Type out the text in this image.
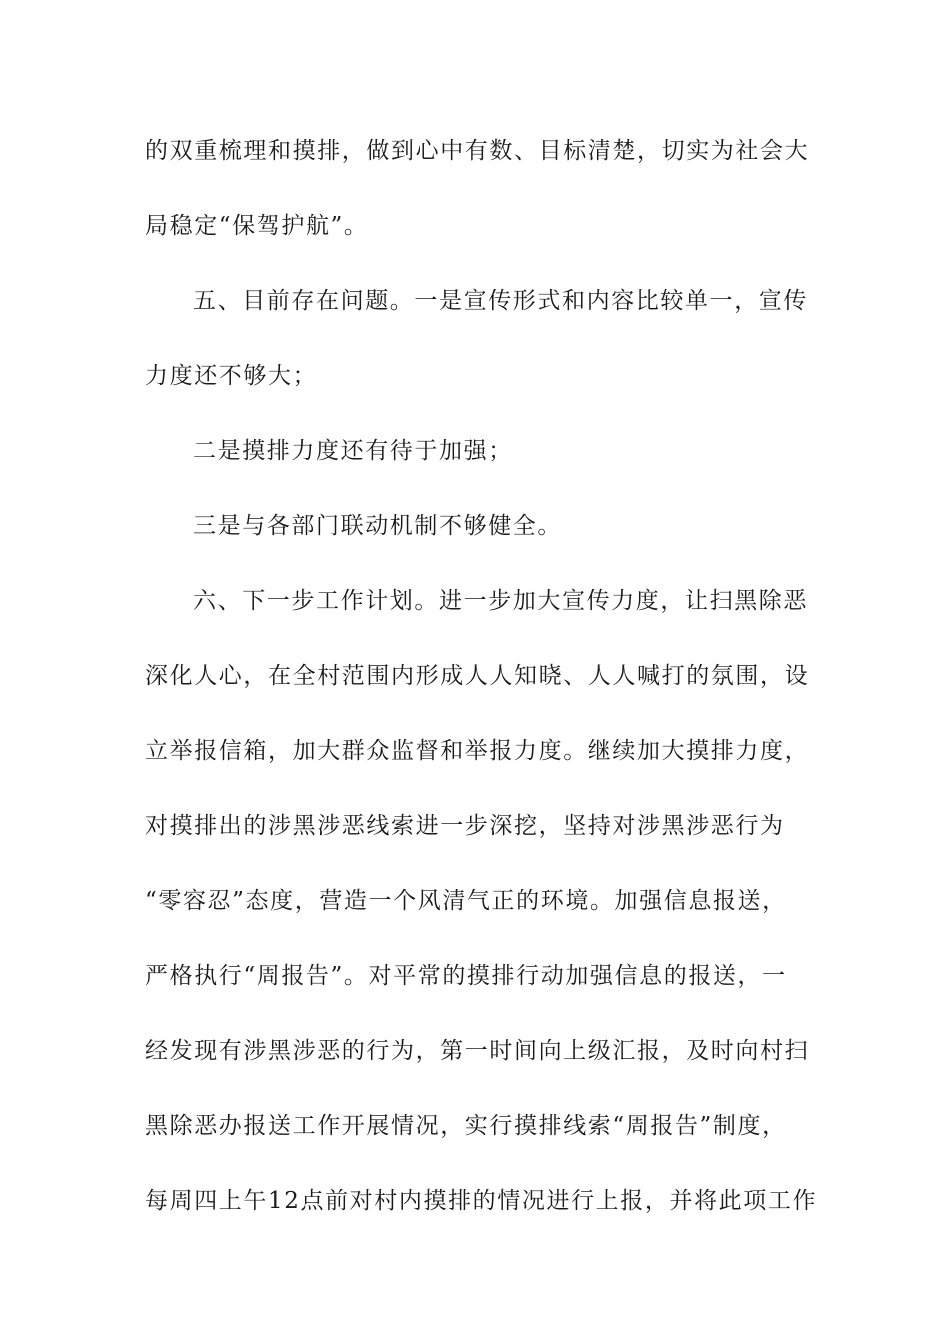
的双重梳理和摸排，做到心中有数、目标清楚，切实为社会大
局稳定“保驾护航”。
五、目前存在问题。一是宣传形式和内容比较单一，宣传
力度还不够大；
二是摸排力度还有待于加强；
三是与各部门联动机制不够健全。
六、下一步工作计划。进一步加大宣传力度，让扫黑除恶
深化人心，在全村范围内形成人人知晓、人人喊打的氛围，设
立举报信箱，加大群众监督和举报力度。继续加大摸排力度，
对摸排出的涉黑涉恶线索进一步深挖，坚持对涉黑涉恶行为
“零容忍”态度，营造一个风清气正的环境。加强信息报送，
严格执行“周报告”。对平常的摸排行动加强信息的报送，一
经发现有涉黑涉恶的行为，第一时间向上级汇报，及时向村扫
黑除恶办报送工作开展情况，实行摸排线索“周报告”制度，
每周四上午12点前对村内摸排的情况进行上报，并将此项工作
